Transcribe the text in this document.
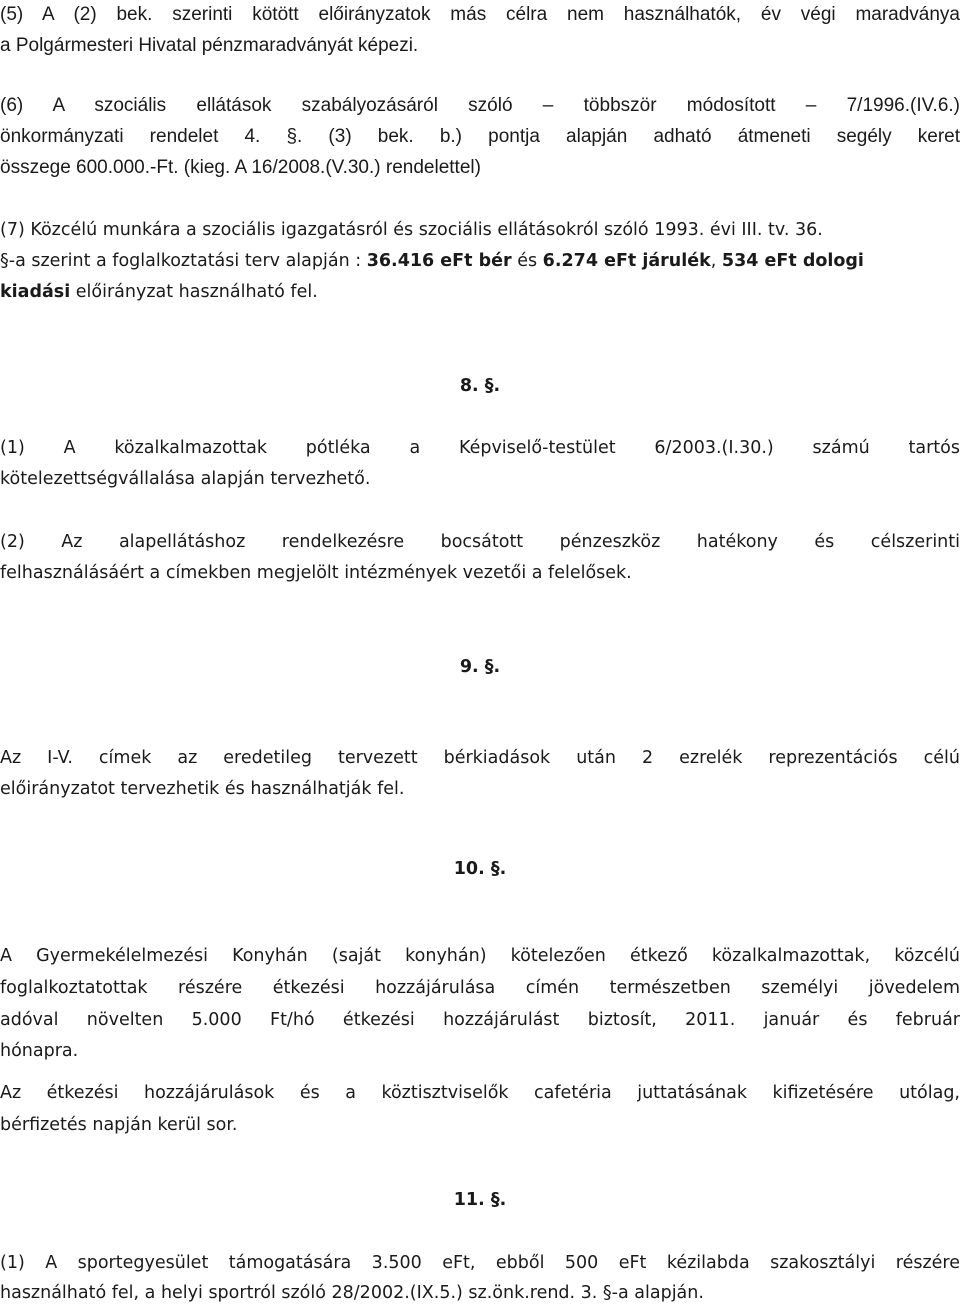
(5) A (2) bek. szerinti kötött előirányzatok más célra nem használhatók, év végi maradványa

a Polgármesteri Hivatal pénzmaradványát képezi.

(6) A szociális ellátások szabályozásáról szóló – többször módosított – 7/1996.(IV.6.)

önkormányzati rendelet 4. §. (3) bek. b.) pontja alapján adható átmeneti segély keret

összege 600.000.-Ft. (kieg. A 16/2008.(V.30.) rendelettel)

(7) Közcélú munkára a szociális igazgatásról és szociális ellátásokról szóló 1993. évi III. tv. 36.

§-a szerint a foglalkoztatási terv alapján : 36.416 eFt bér és 6.274 eFt járulék, 534 eFt dologi

kiadási előirányzat használható fel.

8. §.

(1) A közalkalmazottak pótléka a Képviselő-testület 6/2003.(I.30.) számú tartós

kötelezettségvállalása alapján tervezhető.

(2) Az alapellátáshoz rendelkezésre bocsátott pénzeszköz hatékony és célszerinti

felhasználásáért a címekben megjelölt intézmények vezetői a felelősek.

9. §.

Az I-V. címek az eredetileg tervezett bérkiadások után 2 ezrelék reprezentációs célú

előirányzatot tervezhetik és használhatják fel.

10. §.

A Gyermekélelmezési Konyhán (saját konyhán) kötelezően étkező közalkalmazottak, közcélú

foglalkoztatottak részére étkezési hozzájárulása címén természetben személyi jövedelem

adóval növelten 5.000 Ft/hó étkezési hozzájárulást biztosít, 2011. január és február

hónapra.

Az étkezési hozzájárulások és a köztisztviselők cafetéria juttatásának kifizetésére utólag,

bérfizetés napján kerül sor.

11. §.

(1) A sportegyesület támogatására 3.500 eFt, ebből 500 eFt kézilabda szakosztályi részére

használható fel, a helyi sportról szóló 28/2002.(IX.5.) sz.önk.rend. 3. §-a alapján.
